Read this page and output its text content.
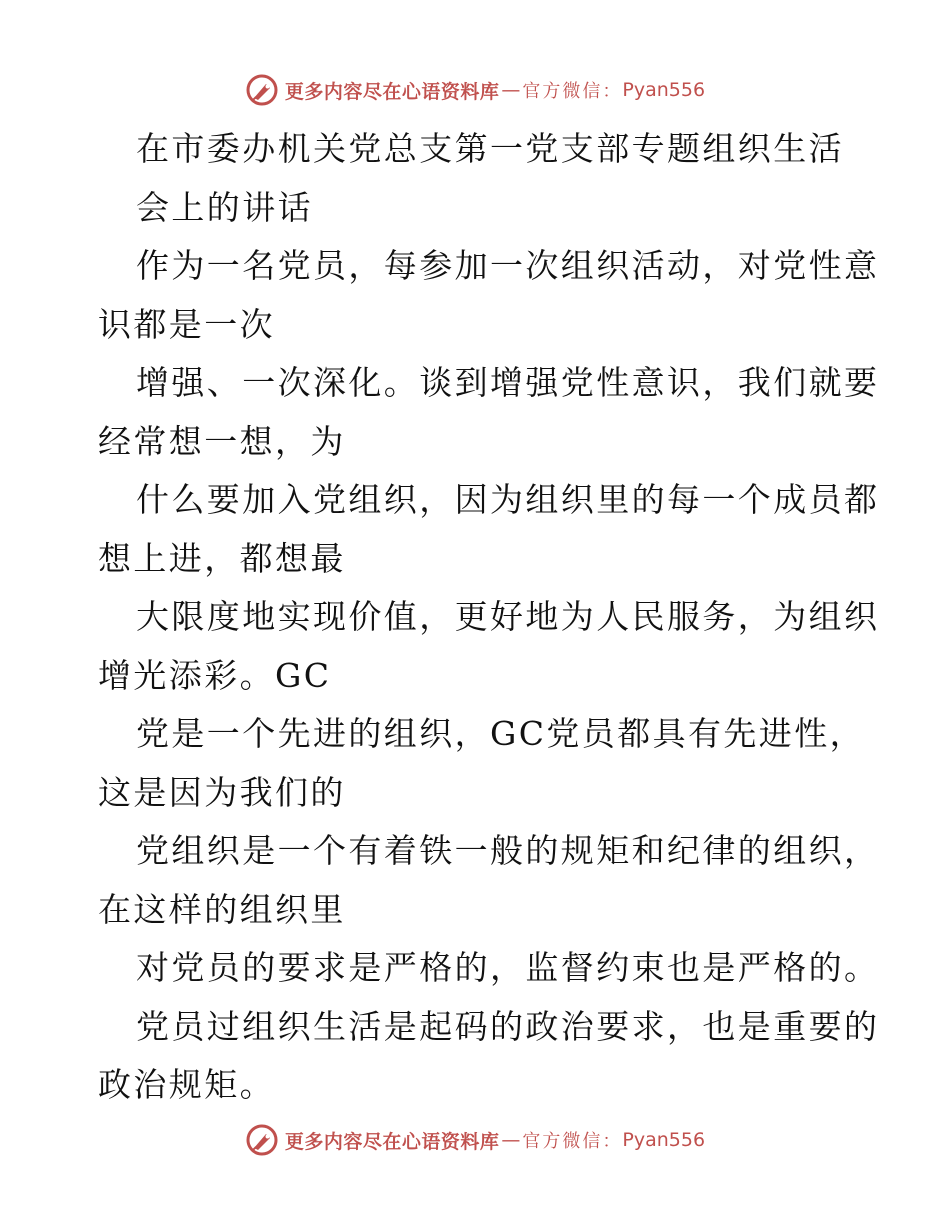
更多内容尽在心语资料库 — 官方微信： Pyan556
在市委办机关党总支第一党支部专题组织生活
会上的讲话
作为一名党员，每参加一次组织活动，对党性意
识都是一次
增强、一次深化。谈到增强党性意识，我们就要
经常想一想，为
什么要加入党组织，因为组织里的每一个成员都
想上进，都想最
大限度地实现价值，更好地为人民服务，为组织
增光添彩。GC
党是一个先进的组织，GC党员都具有先进性，
这是因为我们的
党组织是一个有着铁一般的规矩和纪律的组织，
在这样的组织里
对党员的要求是严格的，监督约束也是严格的。
党员过组织生活是起码的政治要求，也是重要的
政治规矩。
更多内容尽在心语资料库 — 官方微信： Pyan556
